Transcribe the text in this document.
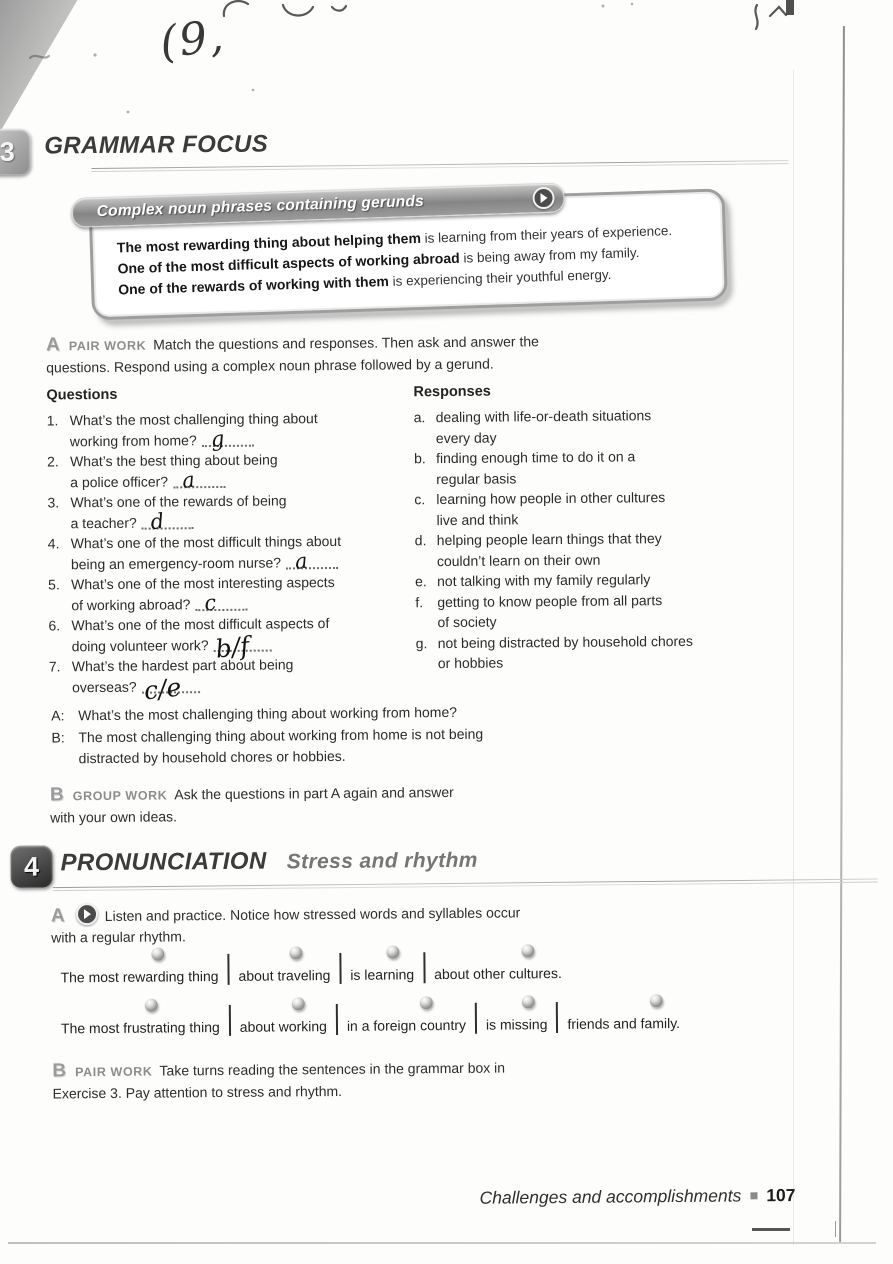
(9,
3	GRAMMAR FOCUS
Complex noun phrases containing gerunds
The most rewarding thing about helping them is learning from their years of experience.
One of the most difficult aspects of working abroad is being away from my family.
One of the rewards of working with them is experiencing their youthful energy.

APAIR WORK Match the questions and responses. Then ask and answer the
questions. Respond using a complex noun phrase followed by a gerund.

Questions

1. What’s the most challenging thing about
working from home? g
2. What’s the best thing about being
a police officer? a
3. What’s one of the rewards of being
a teacher? d
4. What’s one of the most difficult things about
being an emergency-room nurse? a
5. What’s one of the most interesting aspects
of working abroad? c
6. What’s one of the most difficult aspects of
doing volunteer work? b/f
7. What’s the hardest part about being
overseas? c/e

Responses

a. dealing with life-or-death situations
every day
b. finding enough time to do it on a
regular basis
c. learning how people in other cultures
live and think
d. helping people learn things that they
couldn’t learn on their own
e. not talking with my family regularly
f.	getting to know people from all parts
of society
g. not being distracted by household chores
or hobbies
A: What’s the most challenging thing about working from home?
B: The most challenging thing about working from home is not being
distracted by household chores or hobbies.

BGROUP WORK Ask the questions in part A again and answer
with your own ideas.

4 PRONUNCIATION Stress and rhythm

A	Listen and practice. Notice how stressed words and syllables occur
with a regular rhythm.

The most rewarding thing	about traveling	is learning	about other cultures.
The most frustrating thing	about working	in a foreign country	is missing	friends and family.

BPAIR WORK Take turns reading the sentences in the grammar box in
Exercise 3. Pay attention to stress and rhythm.

Challenges and accomplishments 107
